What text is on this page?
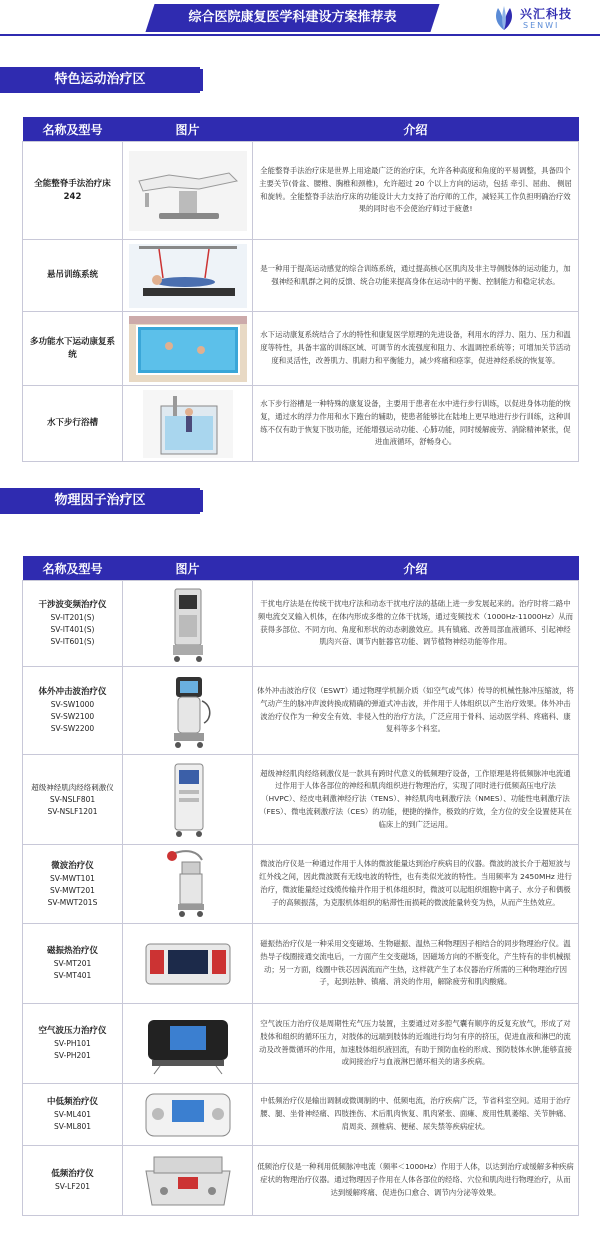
综合医院康复医学科建设方案推荐表	兴汇科技
SENWI
特色运动治疗区
名称及型号	图片	介绍

全能整脊手法治疗床
242		全能整脊手法治疗床是世界上用途最广泛的治疗床，允许各种高度和角度的平易调整，具备四个主要关节(骨盆、腰椎、胸椎和颈椎)，允许超过 20 个以上方向的运动，包括 牵引、屈曲、 侧屈和旋转。全能整脊手法治疗床的功能设计大力支持了治疗师的工作，减轻其工作负担明确治疗效果的同时也不会使治疗师过于疲惫!

悬吊训练系统		是一种用于提高运动感觉的综合训练系统，通过提高核心区肌肉及非主导侧肢体的运动能力，加强神经和肌群之间的反馈、统合功能来提高身体在运动中的平衡、控制能力和稳定状态。

多功能水下运动康复系统		水下运动康复系统结合了水的特性和康复医学原理的先进设备，利用水的浮力、阻力、压力和温度等特性，具备丰富的训练区域、可调节的水流强度和阻力、水温调控系统等；可增加关节活动度和灵活性，改善肌力、肌耐力和平衡能力，减少疼痛和痉挛，促进神经系统的恢复等。

水下步行浴槽		水下步行浴槽是一种特殊的康复设备，主要用于患者在水中进行步行训练，以促进身体功能的恢复，通过水的浮力作用和水下跑台的辅助，使患者能够比在陆地上更早地进行步行训练，这种训练不仅有助于恢复下肢功能，还能增强运动功能、心肺功能，同时缓解疲劳、消除精神紧张，促进血液循环，舒畅身心。
物理因子治疗区
名称及型号	图片	介绍

干涉波变频治疗仪
SV-IT201(S)
SV-IT401(S)
SV-IT601(S)		干扰电疗法是在传统干扰电疗法和动态干扰电疗法的基础上进一步发展起来的。治疗时将二路中频电流交叉输入机体，在体内形成多维的立体干扰场，通过变频技术（1000Hz-11000Hz）从而获得多部位、不同方向、角度和形状的动态刺激效应。具有镇痛、改善局部血液循环、引起神经肌肉兴奋、调节内脏器官功能、调节植物神经功能等作用。

体外冲击波治疗仪
SV-SW1000
SV-SW2100
SV-SW2200		体外冲击波治疗仪（ESWT）通过物理学机制介质（如空气或气体）传导的机械性脉冲压缩波，将气动产生的脉冲声波转换成精确的弹道式冲击波，并作用于人体组织以产生治疗效果。体外冲击波治疗仪作为一种安全有效、非侵入性的治疗方法，广泛应用于骨科、运动医学科、疼痛科、康复科等多个科室。

超级神经肌肉经络刺激仪
SV-NSLF801
SV-NSLF1201		超级神经肌肉经络刺激仪是一款具有跨时代意义的低频理疗设备，工作原理是将低频脉冲电流通过作用于人体各部位的神经和肌肉组织进行物理治疗，实现了同时进行低频高压电疗法（HVPC）、经皮电刺激神经疗法（TENS）、神经肌肉电刺激疗法（NMES）、功能性电刺激疗法（FES）、微电流刺激疗法（CES）的功能，便捷的操作，极致的疗效，全方位的安全设置使其在临床上的到广泛运用。

微波治疗仪
SV-MWT101
SV-MWT201
SV-MWT201S		微波治疗仪是一种通过作用于人体的微波能量达到治疗疾病目的仪器。微波的波长介于超短波与红外线之间，因此微波既有无线电波的特性，也有类似光波的特性。当用频率为 2450MHz 进行治疗，微波能量经过线缆传输并作用于机体组织时，微波可以起组织细胞中离子、水分子和偶极子的高频振荡，为克服机体组织的粘滞性而损耗的微波能量转变为热，从而产生热效应。

磁振热治疗仪
SV-MT201
SV-MT401		磁振热治疗仪是一种采用交变磁场、生物磁振、温热三种物理因子相结合的同步物理治疗仪。温热导子线圈接通交流电后，一方面产生交变磁场，因磁场方向的不断变化，产生特有的非机械振动；另一方面，线圈中铁芯因涡流而产生热，这样就产生了本仪器治疗所需的三种物理治疗因子，起到祛肿、镇痛、消炎的作用，解除疲劳和肌肉酸痛。

空气波压力治疗仪
SV-PH101
SV-PH201		空气波压力治疗仪是周期性充气压力装置，主要通过对多腔气囊有顺序的反复充放气，形成了对肢体和组织的循环压力，对肢体的远端到肢体的近端进行均匀有序的挤压，促进血液和淋巴的流动及改善微循环的作用，加速肢体组织液回流，有助于预防血栓的形成、预防肢体水肿,能够直接或间接治疗与血液淋巴循环相关的诸多疾病。

中低频治疗仪
SV-ML401
SV-ML801		中低频治疗仪是输出调制或微调制的中、低频电流，治疗疾病广泛，节省科室空间。适用于治疗腰、腿、坐骨神经痛、四肢挫伤、术后肌肉恢复、肌肉紧张、面瘫、废用性肌萎缩、关节肿痛、肩周炎、颈椎病、便秘、尿失禁等疾病症状。

低频治疗仪
SV-LF201		低频治疗仪是一种利用低频脉冲电流（频率＜1000Hz）作用于人体，以达到治疗或缓解多种疾病症状的物理治疗仪器。通过物理因子作用在人体各部位的经络、穴位和肌肉进行物理治疗，从而达到缓解疼痛、促进伤口愈合、调节内分泌等效果。
